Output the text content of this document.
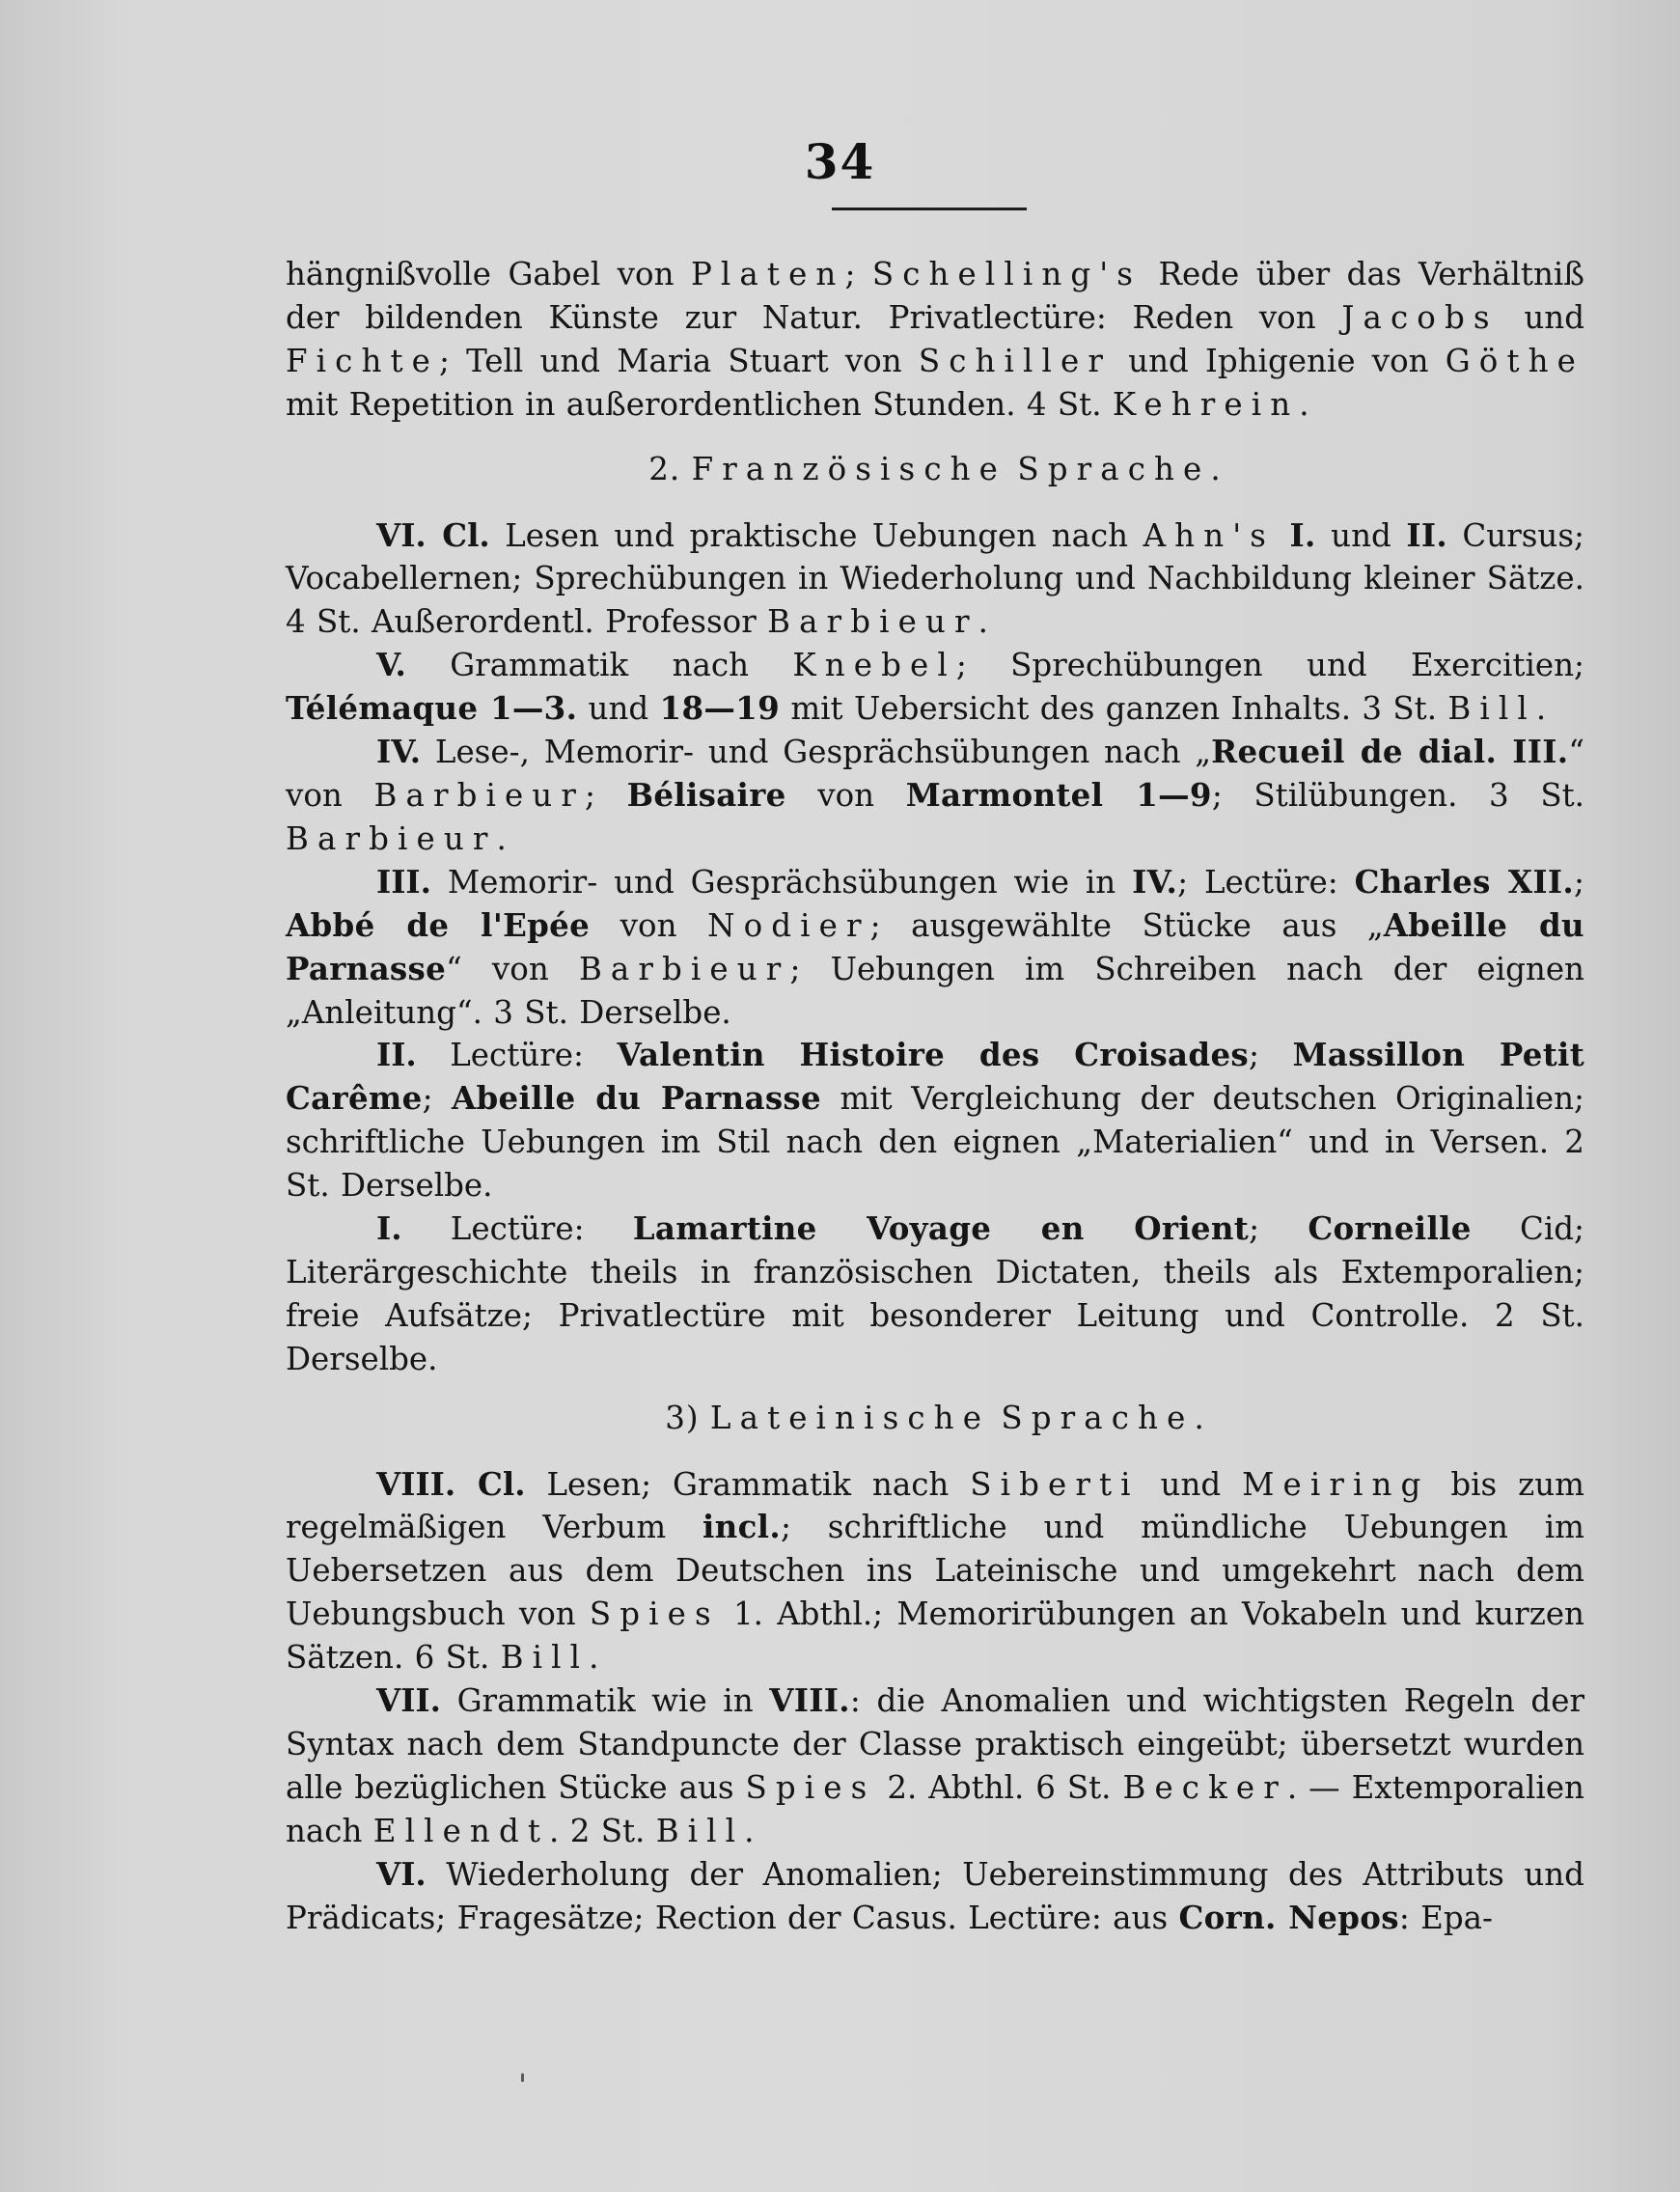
34

hängnißvolle Gabel von Platen; Schelling's Rede über das Verhältniß der bildenden Künste zur Natur. Privatlectüre: Reden von Jacobs und Fichte; Tell und Maria Stuart von Schiller und Iphigenie von Göthe mit Repetition in außerordentlichen Stunden. 4 St. Kehrein.

2. Französische Sprache.

VI. Cl. Lesen und praktische Uebungen nach Ahn's I. und II. Cursus; Vocabellernen; Sprechübungen in Wiederholung und Nachbildung kleiner Sätze. 4 St. Außerordentl. Professor Barbieur.

V. Grammatik nach Knebel; Sprechübungen und Exercitien; Télémaque 1—3. und 18—19 mit Uebersicht des ganzen Inhalts. 3 St. Bill.

IV. Lese-, Memorir- und Gesprächsübungen nach „Recueil de dial. III.“ von Barbieur; Bélisaire von Marmontel 1—9; Stilübungen. 3 St. Barbieur.

III. Memorir- und Gesprächsübungen wie in IV.; Lectüre: Charles XII.; Abbé de l'Epée von Nodier; ausgewählte Stücke aus „Abeille du Parnasse“ von Barbieur; Uebungen im Schreiben nach der eignen „Anleitung“. 3 St. Derselbe.

II. Lectüre: Valentin Histoire des Croisades; Massillon Petit Carême; Abeille du Parnasse mit Vergleichung der deutschen Originalien; schriftliche Uebungen im Stil nach den eignen „Materialien“ und in Versen. 2 St. Derselbe.

I. Lectüre: Lamartine Voyage en Orient; Corneille Cid; Literärgeschichte theils in französischen Dictaten, theils als Extemporalien; freie Aufsätze; Privatlectüre mit besonderer Leitung und Controlle. 2 St. Derselbe.

3) Lateinische Sprache.

VIII. Cl. Lesen; Grammatik nach Siberti und Meiring bis zum regelmäßigen Verbum incl.; schriftliche und mündliche Uebungen im Uebersetzen aus dem Deutschen ins Lateinische und umgekehrt nach dem Uebungsbuch von Spies 1. Abthl.; Memorirübungen an Vokabeln und kurzen Sätzen. 6 St. Bill.

VII. Grammatik wie in VIII.: die Anomalien und wichtigsten Regeln der Syntax nach dem Standpuncte der Classe praktisch eingeübt; übersetzt wurden alle bezüglichen Stücke aus Spies 2. Abthl. 6 St. Becker. — Extemporalien nach Ellendt. 2 St. Bill.

VI. Wiederholung der Anomalien; Uebereinstimmung des Attributs und Prädicats; Fragesätze; Rection der Casus. Lectüre: aus Corn. Nepos: Epa-
